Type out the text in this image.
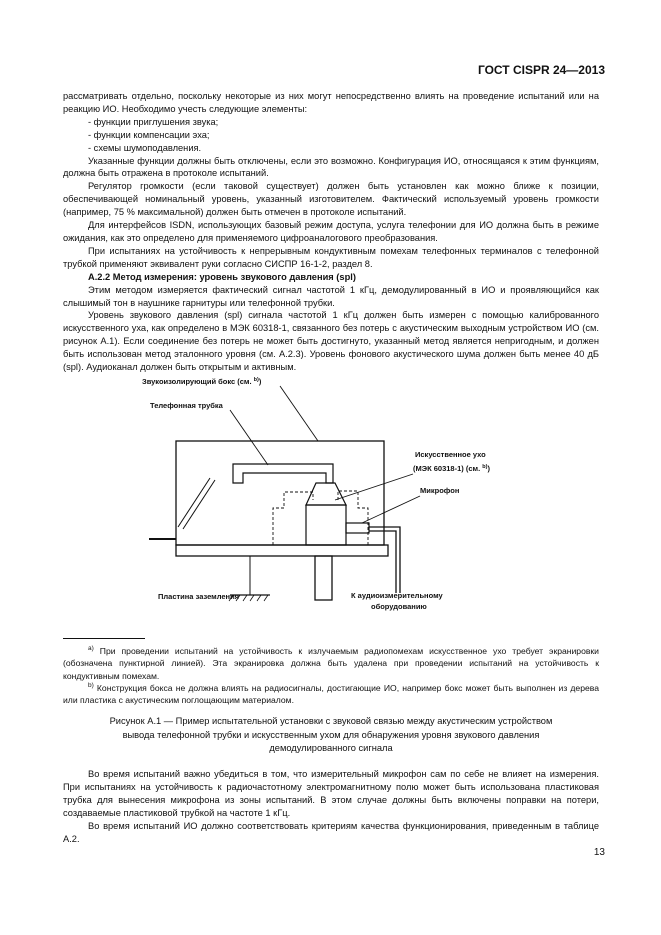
ГОСТ CISPR 24—2013

рассматривать отдельно, поскольку некоторые из них могут непосредственно влиять на проведение испытаний или на реакцию ИО. Необходимо учесть следующие элементы:

- функции приглушения звука;

- функции компенсации эха;

- схемы шумоподавления.

Указанные функции должны быть отключены, если это возможно. Конфигурация ИО, относящаяся к этим функциям, должна быть отражена в протоколе испытаний.

Регулятор громкости (если таковой существует) должен быть установлен как можно ближе к позиции, обеспечивающей номинальный уровень, указанный изготовителем. Фактический используемый уровень громкости (например, 75 % максимальной) должен быть отмечен в протоколе испытаний.

Для интерфейсов ISDN, использующих базовый режим доступа, услуга телефонии для ИО должна быть в режиме ожидания, как это определено для применяемого цифроаналогового преобразования.

При испытаниях на устойчивость к непрерывным кондуктивным помехам телефонных терминалов с телефонной трубкой применяют эквивалент руки согласно СИСПР 16-1-2, раздел 8.

А.2.2 Метод измерения: уровень звукового давления (spl)

Этим методом измеряется фактический сигнал частотой 1 кГц, демодулированный в ИО и проявляющийся как слышимый тон в наушнике гарнитуры или телефонной трубки.

Уровень звукового давления (spl) сигнала частотой 1 кГц должен быть измерен с помощью калиброванного искусственного уха, как определено в МЭК 60318-1, связанного без потерь с акустическим выходным устройством ИО (см. рисунок А.1). Если соединение без потерь не может быть достигнуто, указанный метод является непригодным, и должен быть использован метод эталонного уровня (см. А.2.3). Уровень фонового акустического шума должен быть менее 40 дБ (spl). Аудиоканал должен быть открытым и активным.

Звукоизолирующий бокс (см. $^{b)}$)
Телефонная трубка
Искусственное ухо
(МЭК 60318-1) (см. $^{b)}$)
Микрофон
Пластина заземления	К аудиоизмерительному
оборудованию

$^{a)}$ При проведении испытаний на устойчивость к излучаемым радиопомехам искусственное ухо требует экранировки (обозначена пунктирной линией). Эта экранировка должна быть удалена при проведении испытаний на устойчивость к кондуктивным помехам.

$^{b)}$ Конструкция бокса не должна влиять на радиосигналы, достигающие ИО, например бокс может быть выполнен из дерева или пластика с акустическим поглощающим материалом.

Рисунок А.1 — Пример испытательной установки с звуковой связью между акустическим устройством
вывода телефонной трубки и искусственным ухом для обнаружения уровня звукового давления
демодулированного сигнала

Во время испытаний важно убедиться в том, что измерительный микрофон сам по себе не влияет на измерения. При испытаниях на устойчивость к радиочастотному электромагнитному полю может быть использована пластиковая трубка для вынесения микрофона из зоны испытаний. В этом случае должны быть включены поправки на потери, создаваемые пластиковой трубкой на частоте 1 кГц.

Во время испытаний ИО должно соответствовать критериям качества функционирования, приведенным в таблице А.2.

13
